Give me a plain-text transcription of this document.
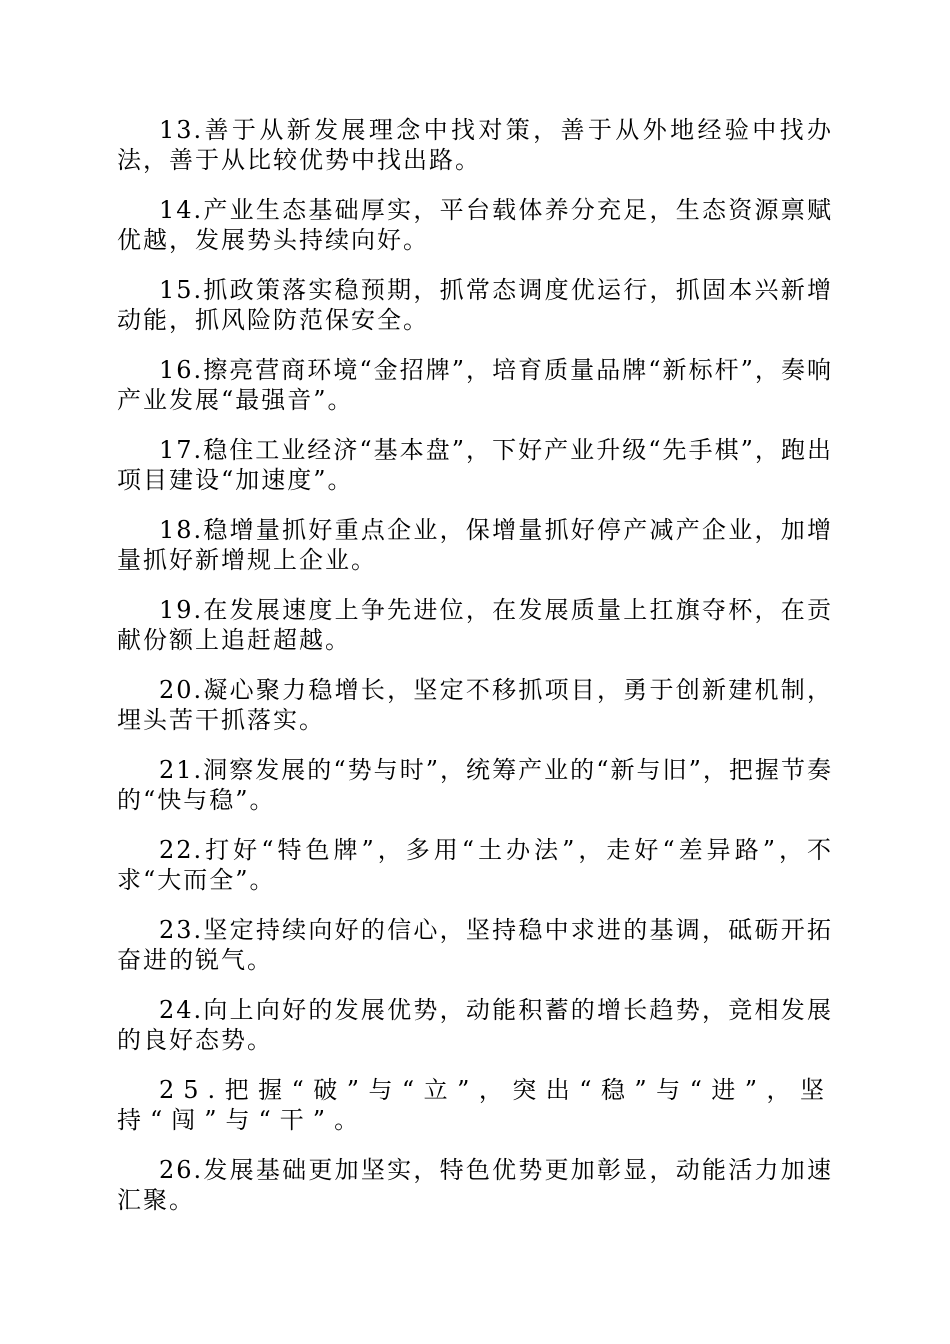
13.善于从新发展理念中找对策，善于从外地经验中找办法，善于从比较优势中找出路。

14.产业生态基础厚实，平台载体养分充足，生态资源禀赋优越，发展势头持续向好。

15.抓政策落实稳预期，抓常态调度优运行，抓固本兴新增动能，抓风险防范保安全。

16.擦亮营商环境“金招牌”，培育质量品牌“新标杆”，奏响产业发展“最强音”。

17.稳住工业经济“基本盘”，下好产业升级“先手棋”，跑出项目建设“加速度”。

18.稳增量抓好重点企业，保增量抓好停产减产企业，加增量抓好新增规上企业。

19.在发展速度上争先进位，在发展质量上扛旗夺杯，在贡献份额上追赶超越。

20.凝心聚力稳增长，坚定不移抓项目，勇于创新建机制，埋头苦干抓落实。

21.洞察发展的“势与时”，统筹产业的“新与旧”，把握节奏的“快与稳”。

22.打好“特色牌”，多用“土办法”，走好“差异路”，不求“大而全”。

23.坚定持续向好的信心，坚持稳中求进的基调，砥砺开拓奋进的锐气。

24.向上向好的发展优势，动能积蓄的增长趋势，竞相发展的良好态势。

25.把握“破”与“立”，突出“稳”与“进”，坚持“闯”与“干”。

26.发展基础更加坚实，特色优势更加彰显，动能活力加速汇聚。
